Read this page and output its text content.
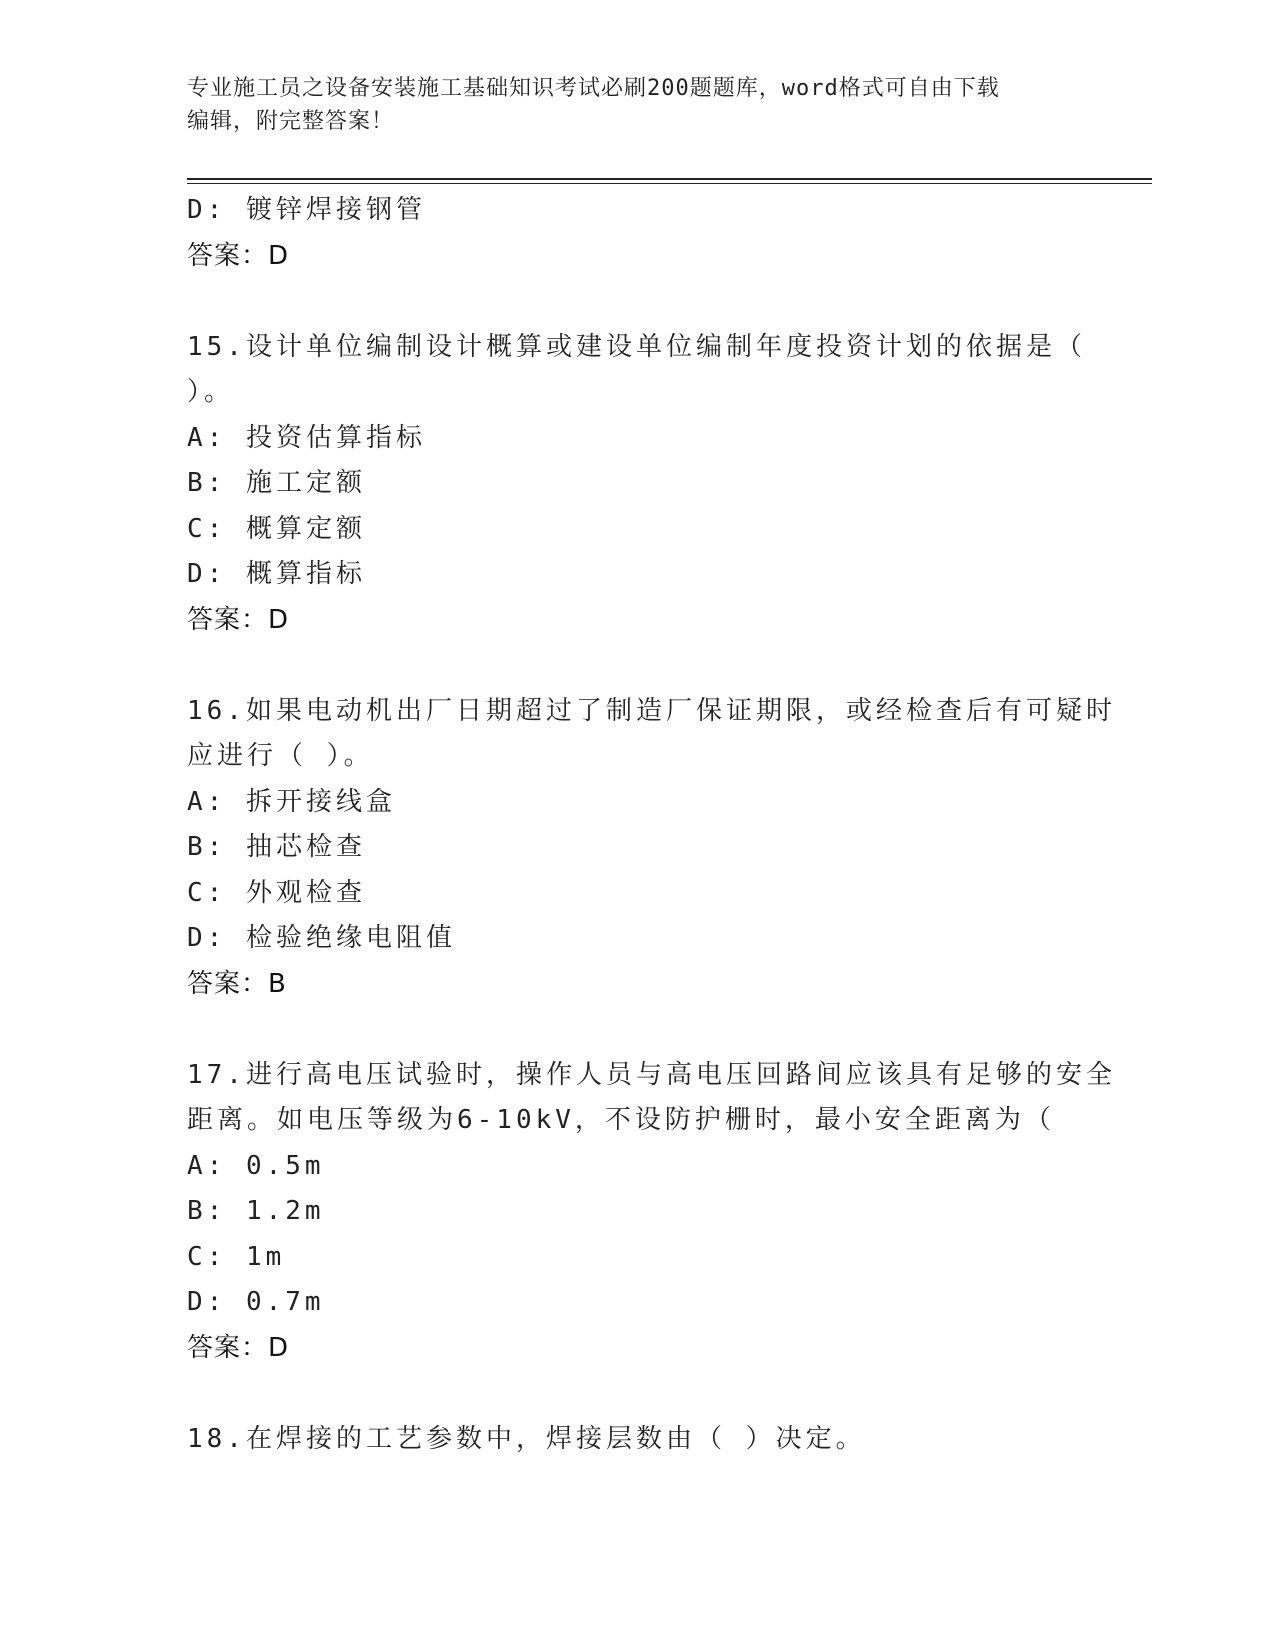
专业施工员之设备安装施工基础知识考试必刷200题题库，word格式可自由下载
编辑，附完整答案！
D: 镀锌焊接钢管
答案：D
15.设计单位编制设计概算或建设单位编制年度投资计划的依据是（
）。
A: 投资估算指标
B: 施工定额
C: 概算定额
D: 概算指标
答案：D
16.如果电动机出厂日期超过了制造厂保证期限，或经检查后有可疑时
应进行（ ）。
A: 拆开接线盒
B: 抽芯检查
C: 外观检查
D: 检验绝缘电阻值
答案：B
17.进行高电压试验时，操作人员与高电压回路间应该具有足够的安全
距离。如电压等级为6-10kV，不设防护栅时，最小安全距离为（
A: 0.5m
B: 1.2m
C: 1m
D: 0.7m
答案：D
18.在焊接的工艺参数中，焊接层数由（ ）决定。
